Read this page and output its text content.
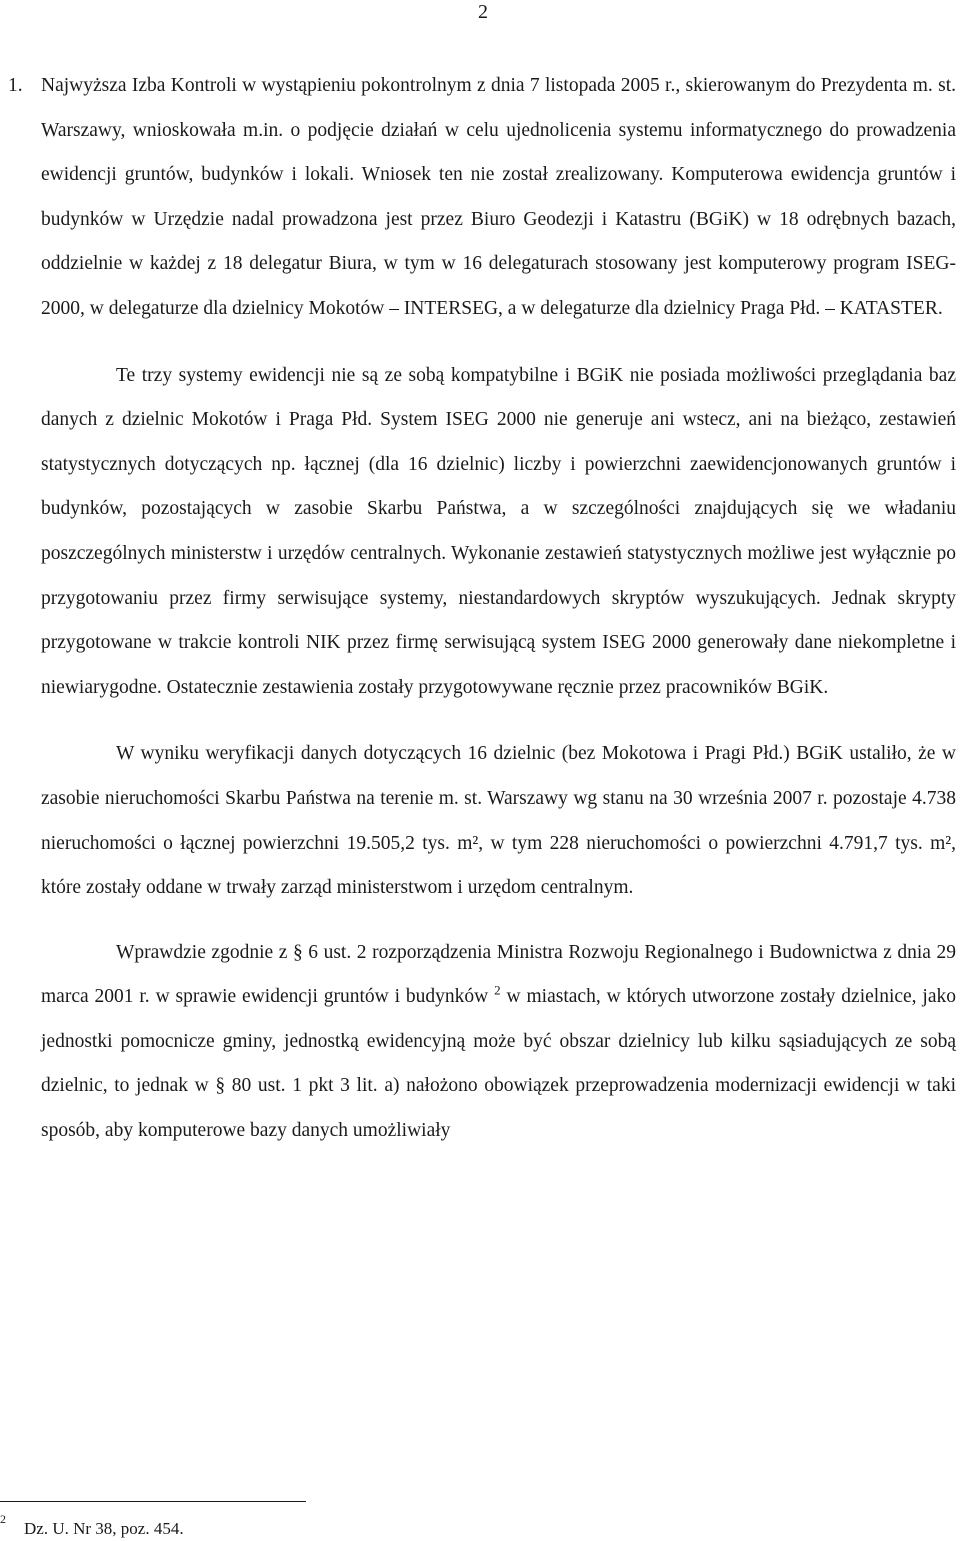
2

1. Najwyższa Izba Kontroli w wystąpieniu pokontrolnym z dnia 7 listopada 2005 r., skierowanym do Prezydenta m. st. Warszawy, wnioskowała m.in. o podjęcie działań w celu ujednolicenia systemu informatycznego do prowadzenia ewidencji gruntów, budynków i lokali. Wniosek ten nie został zrealizowany. Komputerowa ewidencja gruntów i budynków w Urzędzie nadal prowadzona jest przez Biuro Geodezji i Katastru (BGiK) w 18 odrębnych bazach, oddzielnie w każdej z 18 delegatur Biura, w tym w 16 delegaturach stosowany jest komputerowy program ISEG-2000, w delegaturze dla dzielnicy Mokotów – INTERSEG, a w delegaturze dla dzielnicy Praga Płd. – KATASTER.

Te trzy systemy ewidencji nie są ze sobą kompatybilne i BGiK nie posiada możliwości przeglądania baz danych z dzielnic Mokotów i Praga Płd. System ISEG 2000 nie generuje ani wstecz, ani na bieżąco, zestawień statystycznych dotyczących np. łącznej (dla 16 dzielnic) liczby i powierzchni zaewidencjonowanych gruntów i budynków, pozostających w zasobie Skarbu Państwa, a w szczególności znajdujących się we władaniu poszczególnych ministerstw i urzędów centralnych. Wykonanie zestawień statystycznych możliwe jest wyłącznie po przygotowaniu przez firmy serwisujące systemy, niestandardowych skryptów wyszukujących. Jednak skrypty przygotowane w trakcie kontroli NIK przez firmę serwisującą system ISEG 2000 generowały dane niekompletne i niewiarygodne. Ostatecznie zestawienia zostały przygotowywane ręcznie przez pracowników BGiK.

W wyniku weryfikacji danych dotyczących 16 dzielnic (bez Mokotowa i Pragi Płd.) BGiK ustaliło, że w zasobie nieruchomości Skarbu Państwa na terenie m. st. Warszawy wg stanu na 30 września 2007 r. pozostaje 4.738 nieruchomości o łącznej powierzchni 19.505,2 tys. m², w tym 228 nieruchomości o powierzchni 4.791,7 tys. m², które zostały oddane w trwały zarząd ministerstwom i urzędom centralnym.

Wprawdzie zgodnie z § 6 ust. 2 rozporządzenia Ministra Rozwoju Regionalnego i Budownictwa z dnia 29 marca 2001 r. w sprawie ewidencji gruntów i budynków $^2$ w miastach, w których utworzone zostały dzielnice, jako jednostki pomocnicze gminy, jednostką ewidencyjną może być obszar dzielnicy lub kilku sąsiadujących ze sobą dzielnic, to jednak w § 80 ust. 1 pkt 3 lit. a) nałożono obowiązek przeprowadzenia modernizacji ewidencji w taki sposób, aby komputerowe bazy danych umożliwiały

$^2$ Dz. U. Nr 38, poz. 454.
